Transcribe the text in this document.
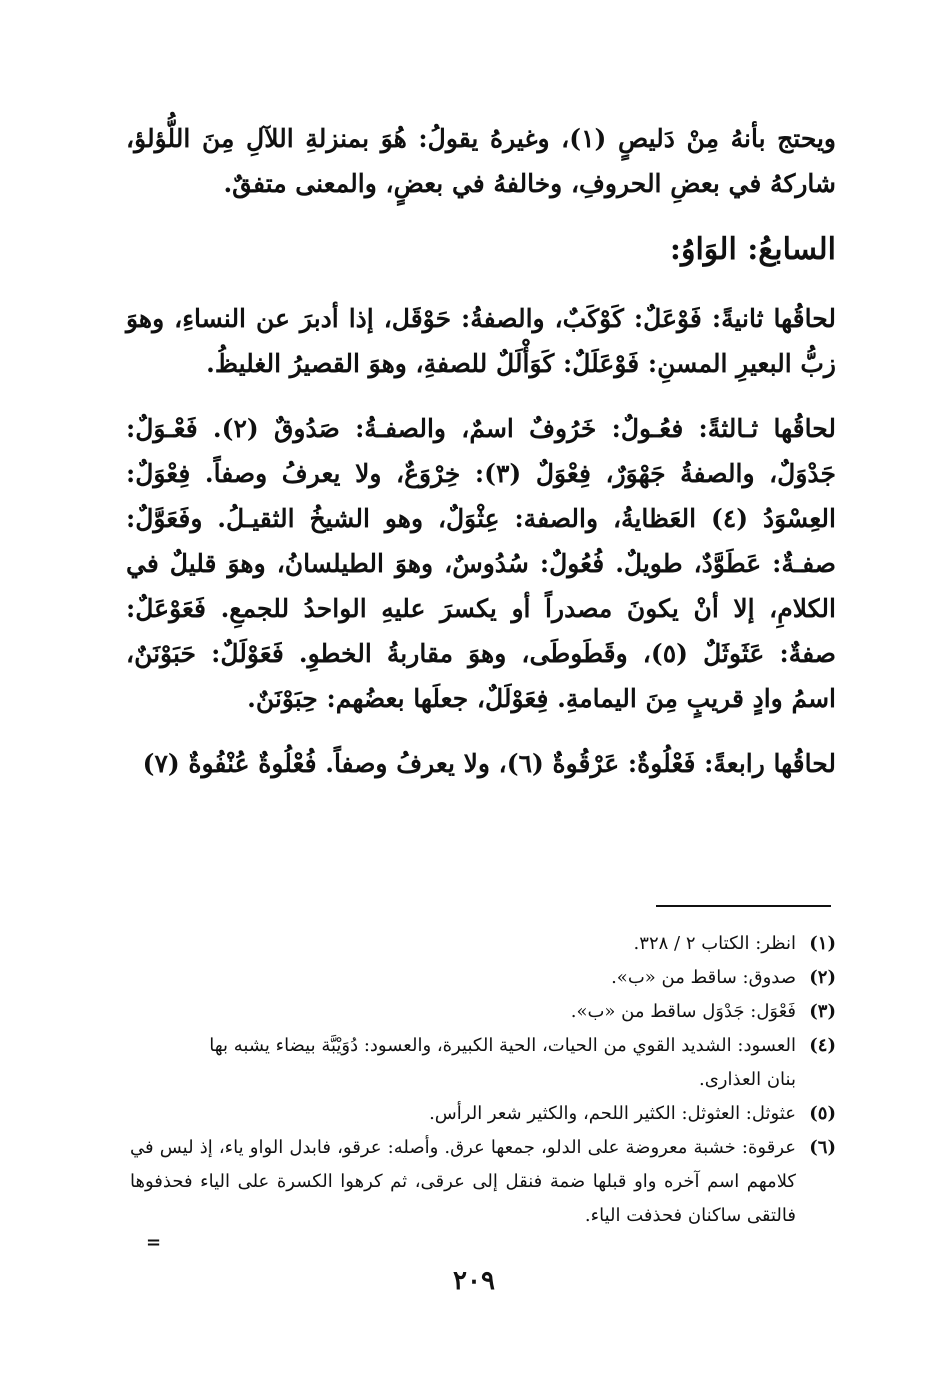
ويحتج بأنهُ مِنْ دَليصٍ (١)، وغيرهُ يقولُ: هُوَ بمنزلةِ اللآلِ مِنَ اللُّؤلؤ، شاركهُ في بعضِ الحروفِ، وخالفهُ في بعضٍ، والمعنى متفقٌ.

السابعُ: الوَاوُ:

لحاقُها ثانيةً: فَوْعَلٌ: كَوْكَبٌ، والصفةُ: حَوْقَل، إذا أدبرَ عن النساءِ، وهوَ زبُّ البعيرِ المسنِ: فَوْعَلَلٌ: كَوَأْلَلٌ للصفةِ، وهوَ القصيرُ الغليظُ.

لحاقُها ثـالثةً: فعُـولٌ: خَرُوفٌ اسمٌ، والصفـةُ: صَدُوقٌ (٢). فَعْـوَلٌ: جَدْوَلٌ، والصفةُ جَهْوَرٌ، فِعْوَلٌ (٣): خِرْوَعٌ، ولا يعرفُ وصفاً. فِعْوَلٌ: العِسْوَدُ (٤) العَظايةُ، والصفة: عِثْوَلٌ، وهو الشيخُ الثقيـلُ. وفَعَوَّلٌ: صفـةٌ: عَطَوَّدٌ، طويلٌ. فُعُولٌ: سُدُوسٌ، وهوَ الطيلسانُ، وهوَ قليلٌ في الكلامِ، إلا أنْ يكونَ مصدراً أو يكسرَ عليهِ الواحدُ للجمعِ. فَعَوْعَلٌ: صفةٌ: عَثَوثَلٌ (٥)، وقَطَوطَى، وهوَ مقاربةُ الخطوِ. فَعَوْلَلٌ: حَبَوْنَنٌ، اسمُ وادٍ قريبٍ مِنَ اليمامةِ. فِعَوْلَلٌ، جعلَها بعضُهم: حِبَوْنَنٌ.

لحاقُها رابعةً: فَعْلُوةٌ: عَرْقُوةٌ (٦)، ولا يعرفُ وصفاً. فُعْلُوةٌ عُنْفُوةٌ (٧)

(١)
انظر: الكتاب ٢ / ٣٢٨.
(٢)
صدوق: ساقط من «ب».
(٣)
فَعْوَل: جَدْوَل ساقط من «ب».
(٤)
العسود: الشديد القوي من الحيات، الحية الكبيرة، والعسود: دُوَيْبَّة بيضاء يشبه بها

بنان العذارى.

(٥)
عثوثل: العثوثل: الكثير اللحم، والكثير شعر الرأس.
(٦)
عرقوة: خشبة معروضة على الدلو، جمعها عرق. وأصله: عرقو، فابدل الواو ياء، إذ ليس في كلامهم اسم آخره واو قبلها ضمة فنقل إلى عرقى، ثم كرهوا الكسرة على الياء فحذفوها فالتقى ساكنان فحذفت الياء.
=
٢٠٩
